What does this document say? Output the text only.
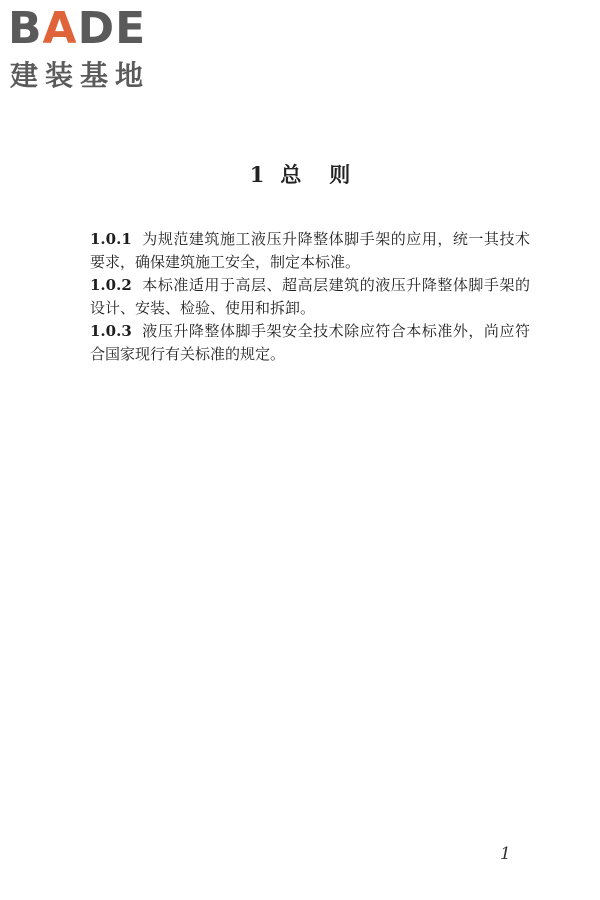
BADE
建装基地
1 总则

1.0.1 为规范建筑施工液压升降整体脚手架的应用，统一其技术要求，确保建筑施工安全，制定本标准。

1.0.2 本标准适用于高层、超高层建筑的液压升降整体脚手架的设计、安装、检验、使用和拆卸。

1.0.3 液压升降整体脚手架安全技术除应符合本标准外，尚应符合国家现行有关标准的规定。

1
